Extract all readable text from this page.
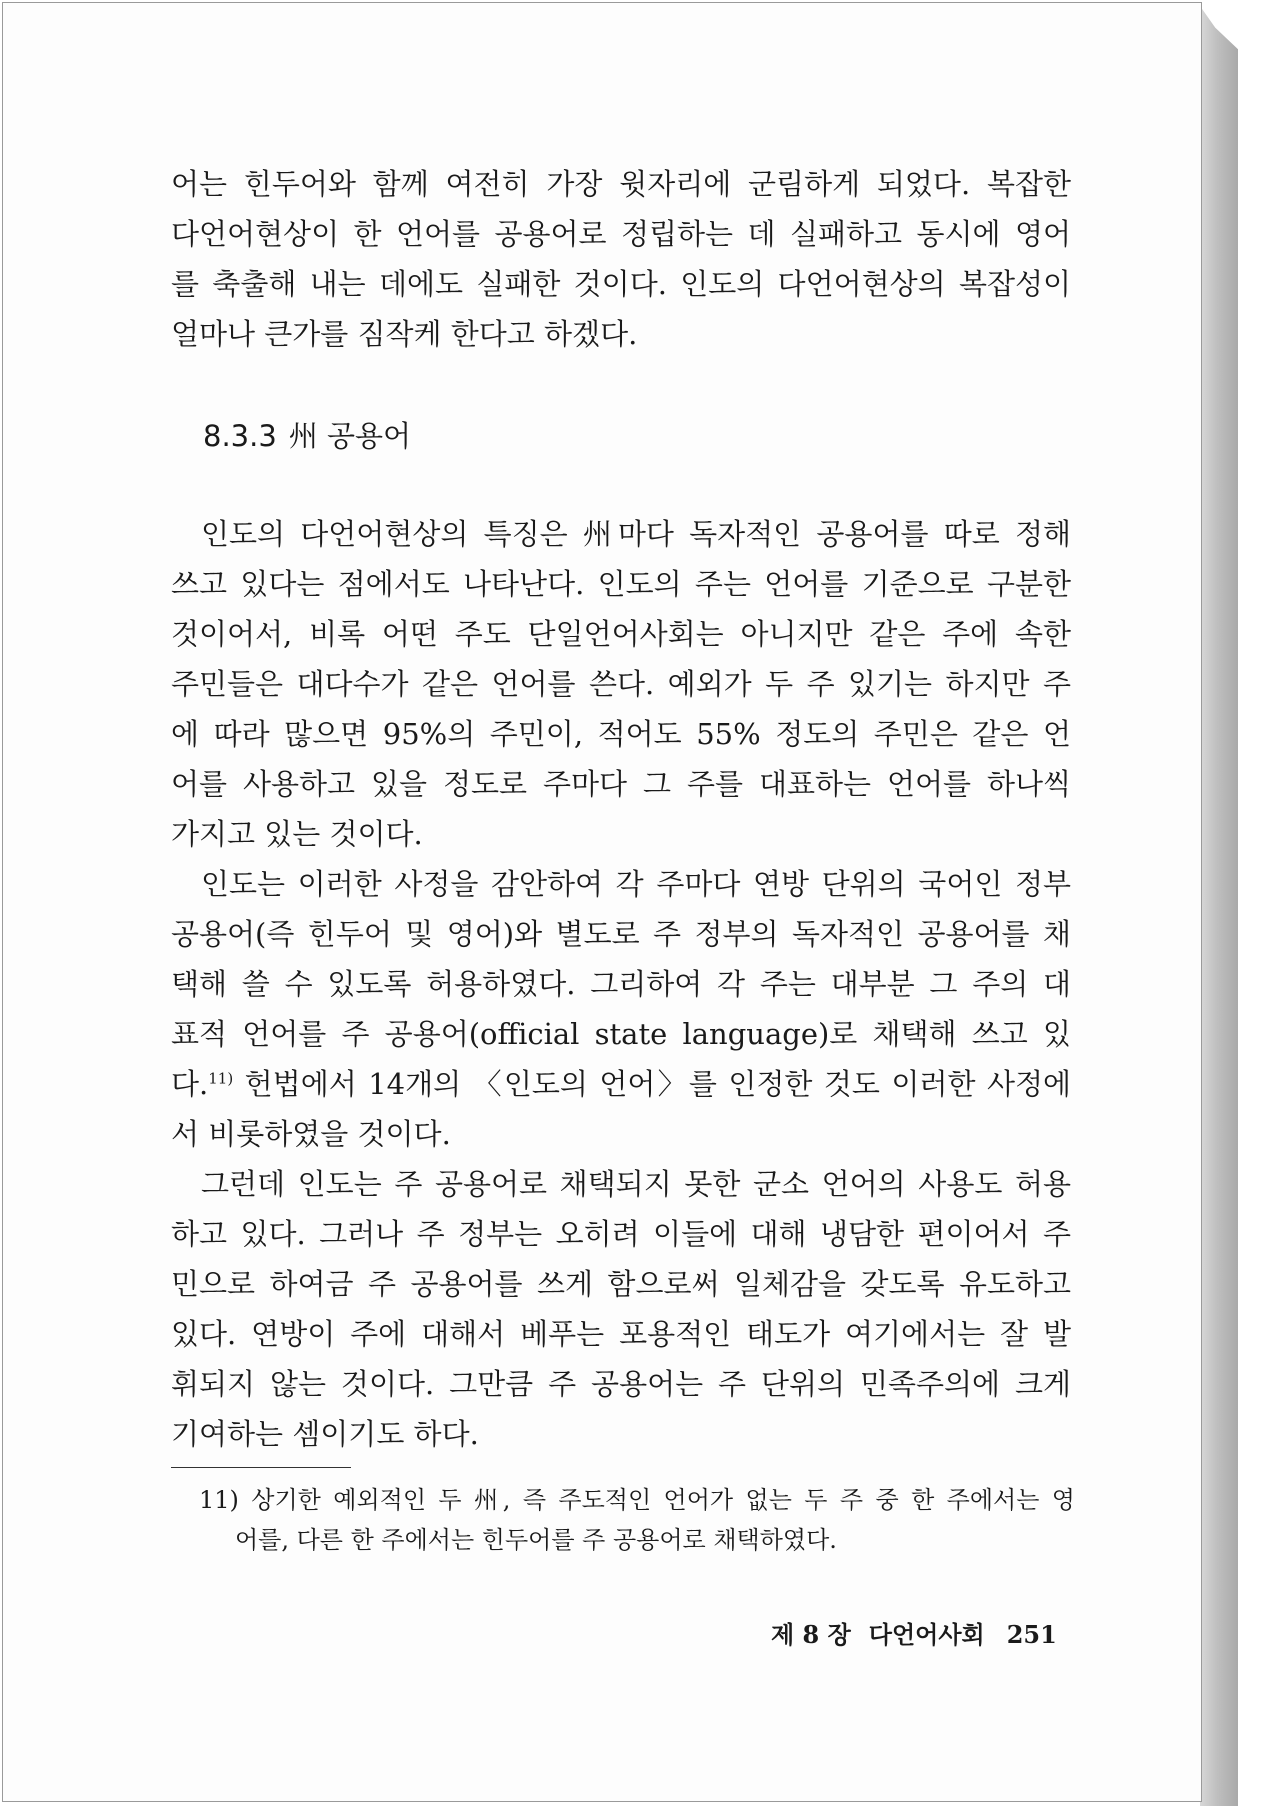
어는 힌두어와 함께 여전히 가장 윗자리에 군림하게 되었다. 복잡한
다언어현상이 한 언어를 공용어로 정립하는 데 실패하고 동시에 영어
를 축출해 내는 데에도 실패한 것이다. 인도의 다언어현상의 복잡성이
얼마나 큰가를 짐작케 한다고 하겠다.
8.3.3 州 공용어
인도의 다언어현상의 특징은 州마다 독자적인 공용어를 따로 정해
쓰고 있다는 점에서도 나타난다. 인도의 주는 언어를 기준으로 구분한
것이어서, 비록 어떤 주도 단일언어사회는 아니지만 같은 주에 속한
주민들은 대다수가 같은 언어를 쓴다. 예외가 두 주 있기는 하지만 주
에 따라 많으면 95%의 주민이, 적어도 55% 정도의 주민은 같은 언
어를 사용하고 있을 정도로 주마다 그 주를 대표하는 언어를 하나씩
가지고 있는 것이다.
인도는 이러한 사정을 감안하여 각 주마다 연방 단위의 국어인 정부
공용어(즉 힌두어 및 영어)와 별도로 주 정부의 독자적인 공용어를 채
택해 쓸 수 있도록 허용하였다. 그리하여 각 주는 대부분 그 주의 대
표적 언어를 주 공용어(official state language)로 채택해 쓰고 있
다.$^{11)}$ 헌법에서 14개의 〈인도의 언어〉를 인정한 것도 이러한 사정에
서 비롯하였을 것이다.
그런데 인도는 주 공용어로 채택되지 못한 군소 언어의 사용도 허용
하고 있다. 그러나 주 정부는 오히려 이들에 대해 냉담한 편이어서 주
민으로 하여금 주 공용어를 쓰게 함으로써 일체감을 갖도록 유도하고
있다. 연방이 주에 대해서 베푸는 포용적인 태도가 여기에서는 잘 발
휘되지 않는 것이다. 그만큼 주 공용어는 주 단위의 민족주의에 크게
기여하는 셈이기도 하다.
11) 상기한 예외적인 두 州, 즉 주도적인 언어가 없는 두 주 중 한 주에서는 영
어를, 다른 한 주에서는 힌두어를 주 공용어로 채택하였다.
제 8 장 다언어사회 251
